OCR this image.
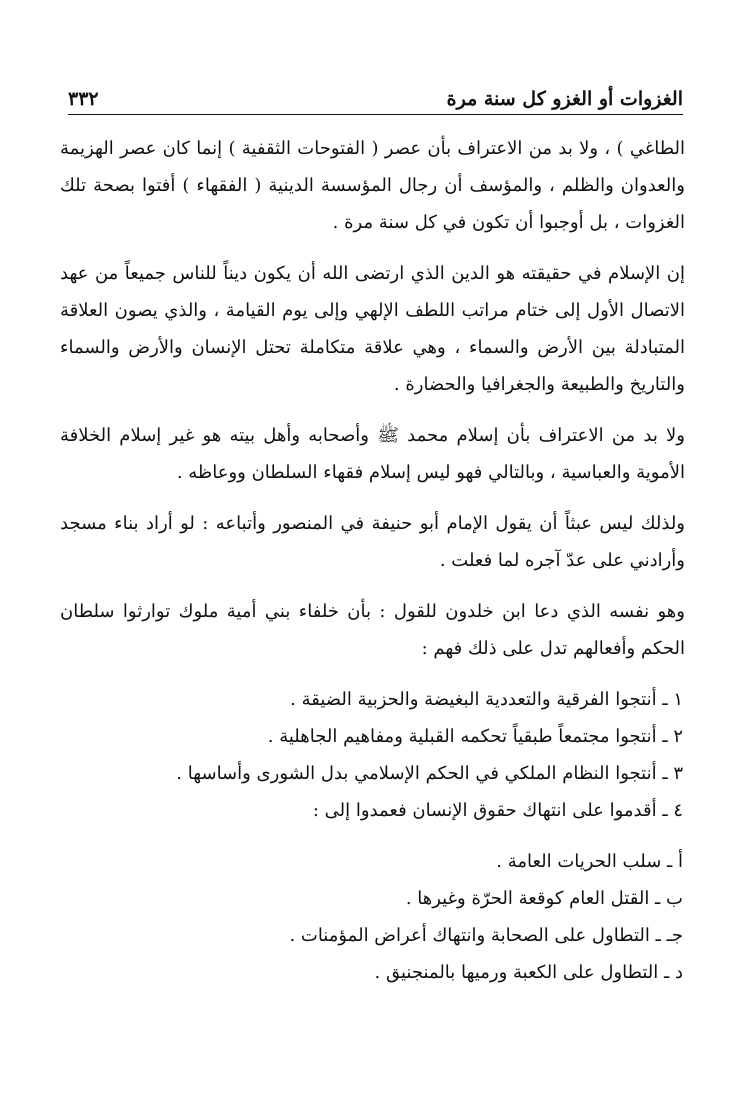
الغزوات أو الغزو كل سنة مرة
٣٣٢

الطاغي ) ، ولا بد من الاعتراف بأن عصر ( الفتوحات الثقفية ) إنما كان عصر الهزيمة والعدوان والظلم ، والمؤسف أن رجال المؤسسة الدينية ( الفقهاء ) أفتوا بصحة تلك الغزوات ، بل أوجبوا أن تكون في كل سنة مرة .

إن الإسلام في حقيقته هو الدين الذي ارتضى الله أن يكون ديناً للناس جميعاً من عهد الاتصال الأول إلى ختام مراتب اللطف الإلهي وإلى يوم القيامة ، والذي يصون العلاقة المتبادلة بين الأرض والسماء ، وهي علاقة متكاملة تحتل الإنسان والأرض والسماء والتاريخ والطبيعة والجغرافيا والحضارة .

ولا بد من الاعتراف بأن إسلام محمد ﷺ وأصحابه وأهل بيته هو غير إسلام الخلافة الأموية والعباسية ، وبالتالي فهو ليس إسلام فقهاء السلطان ووعاظه .

ولذلك ليس عبثاً أن يقول الإمام أبو حنيفة في المنصور وأتباعه : لو أراد بناء مسجد وأرادني على عدّ آجره لما فعلت .

وهو نفسه الذي دعا ابن خلدون للقول : بأن خلفاء بني أمية ملوك توارثوا سلطان الحكم وأفعالهم تدل على ذلك فهم :

١ ـ أنتجوا الفرقية والتعددية البغيضة والحزبية الضيقة .
٢ ـ أنتجوا مجتمعاً طبقياً تحكمه القبلية ومفاهيم الجاهلية .
٣ ـ أنتجوا النظام الملكي في الحكم الإسلامي بدل الشورى وأساسها .
٤ ـ أقدموا على انتهاك حقوق الإنسان فعمدوا إلى :
أ ـ سلب الحريات العامة .
ب ـ القتل العام كوقعة الحرّة وغيرها .
جـ ـ التطاول على الصحابة وانتهاك أعراض المؤمنات .
د ـ التطاول على الكعبة ورميها بالمنجنيق .
